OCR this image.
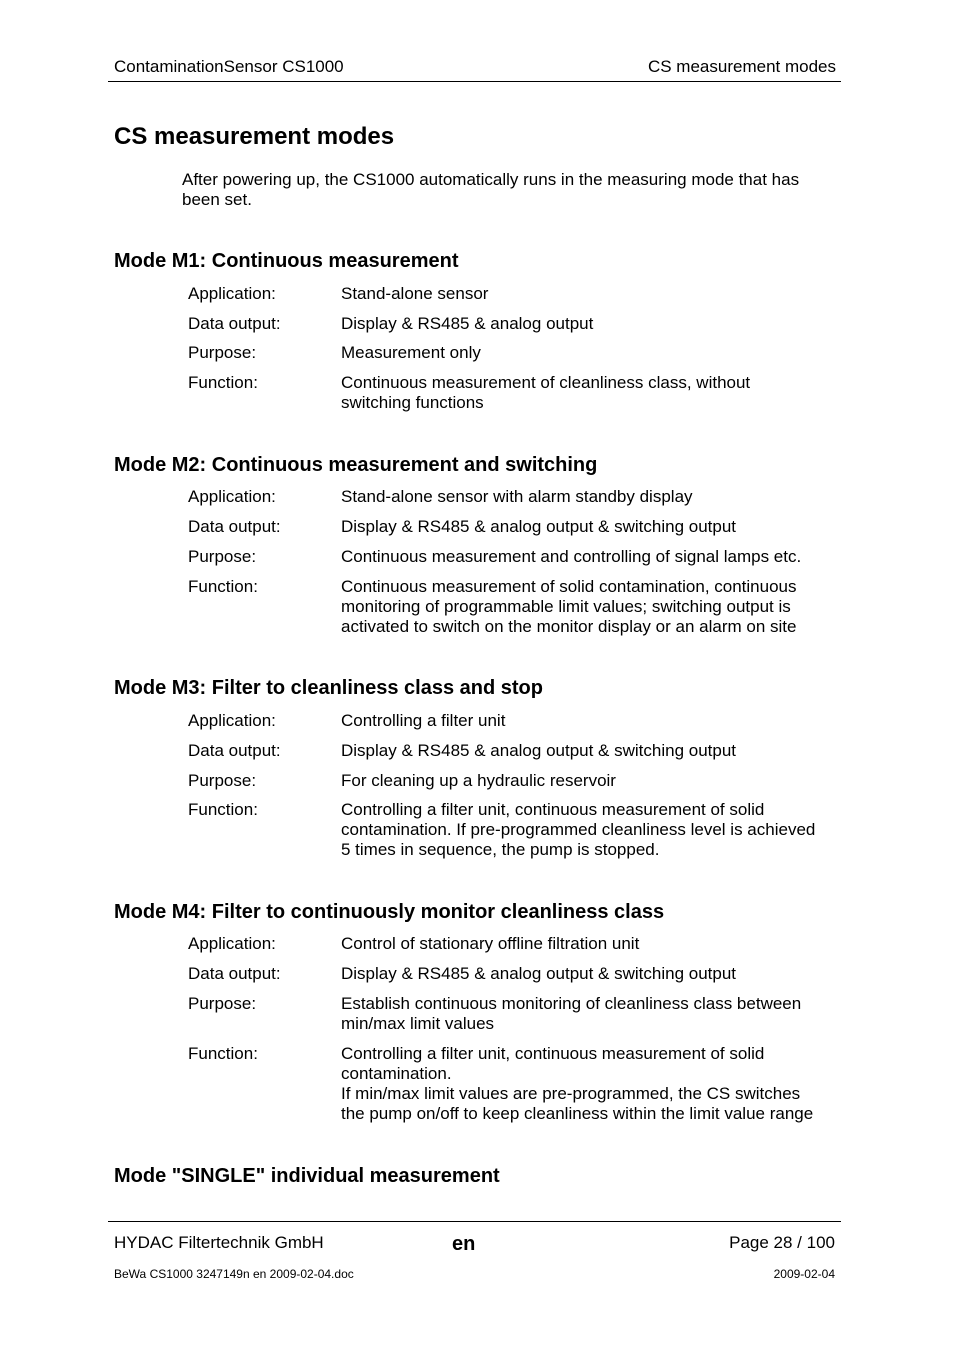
ContaminationSensor CS1000	CS measurement modes
CS measurement modes

After powering up, the CS1000 automatically runs in the measuring mode that has been set.

Mode M1: Continuous measurement
Application:	Stand-alone sensor
Data output:	Display & RS485 & analog output
Purpose:	Measurement only
Function:	Continuous measurement of cleanliness class, without
switching functions
Mode M2: Continuous measurement and switching
Application:	Stand-alone sensor with alarm standby display
Data output:	Display & RS485 & analog output & switching output
Purpose:	Continuous measurement and controlling of signal lamps etc.
Function:	Continuous measurement of solid contamination, continuous
monitoring of programmable limit values; switching output is
activated to switch on the monitor display or an alarm on site
Mode M3: Filter to cleanliness class and stop
Application:	Controlling a filter unit
Data output:	Display & RS485 & analog output & switching output
Purpose:	For cleaning up a hydraulic reservoir
Function:	Controlling a filter unit, continuous measurement of solid
contamination. If pre-programmed cleanliness level is achieved
5 times in sequence, the pump is stopped.
Mode M4: Filter to continuously monitor cleanliness class
Application:	Control of stationary offline filtration unit
Data output:	Display & RS485 & analog output & switching output
Purpose:	Establish continuous monitoring of cleanliness class between
min/max limit values
Function:	Controlling a filter unit, continuous measurement of solid
contamination.
If min/max limit values are pre-programmed, the CS switches
the pump on/off to keep cleanliness within the limit value range
Mode "SINGLE" individual measurement
HYDAC Filtertechnik GmbH	en	Page 28 / 100
BeWa CS1000 3247149n en 2009-02-04.doc	2009-02-04
